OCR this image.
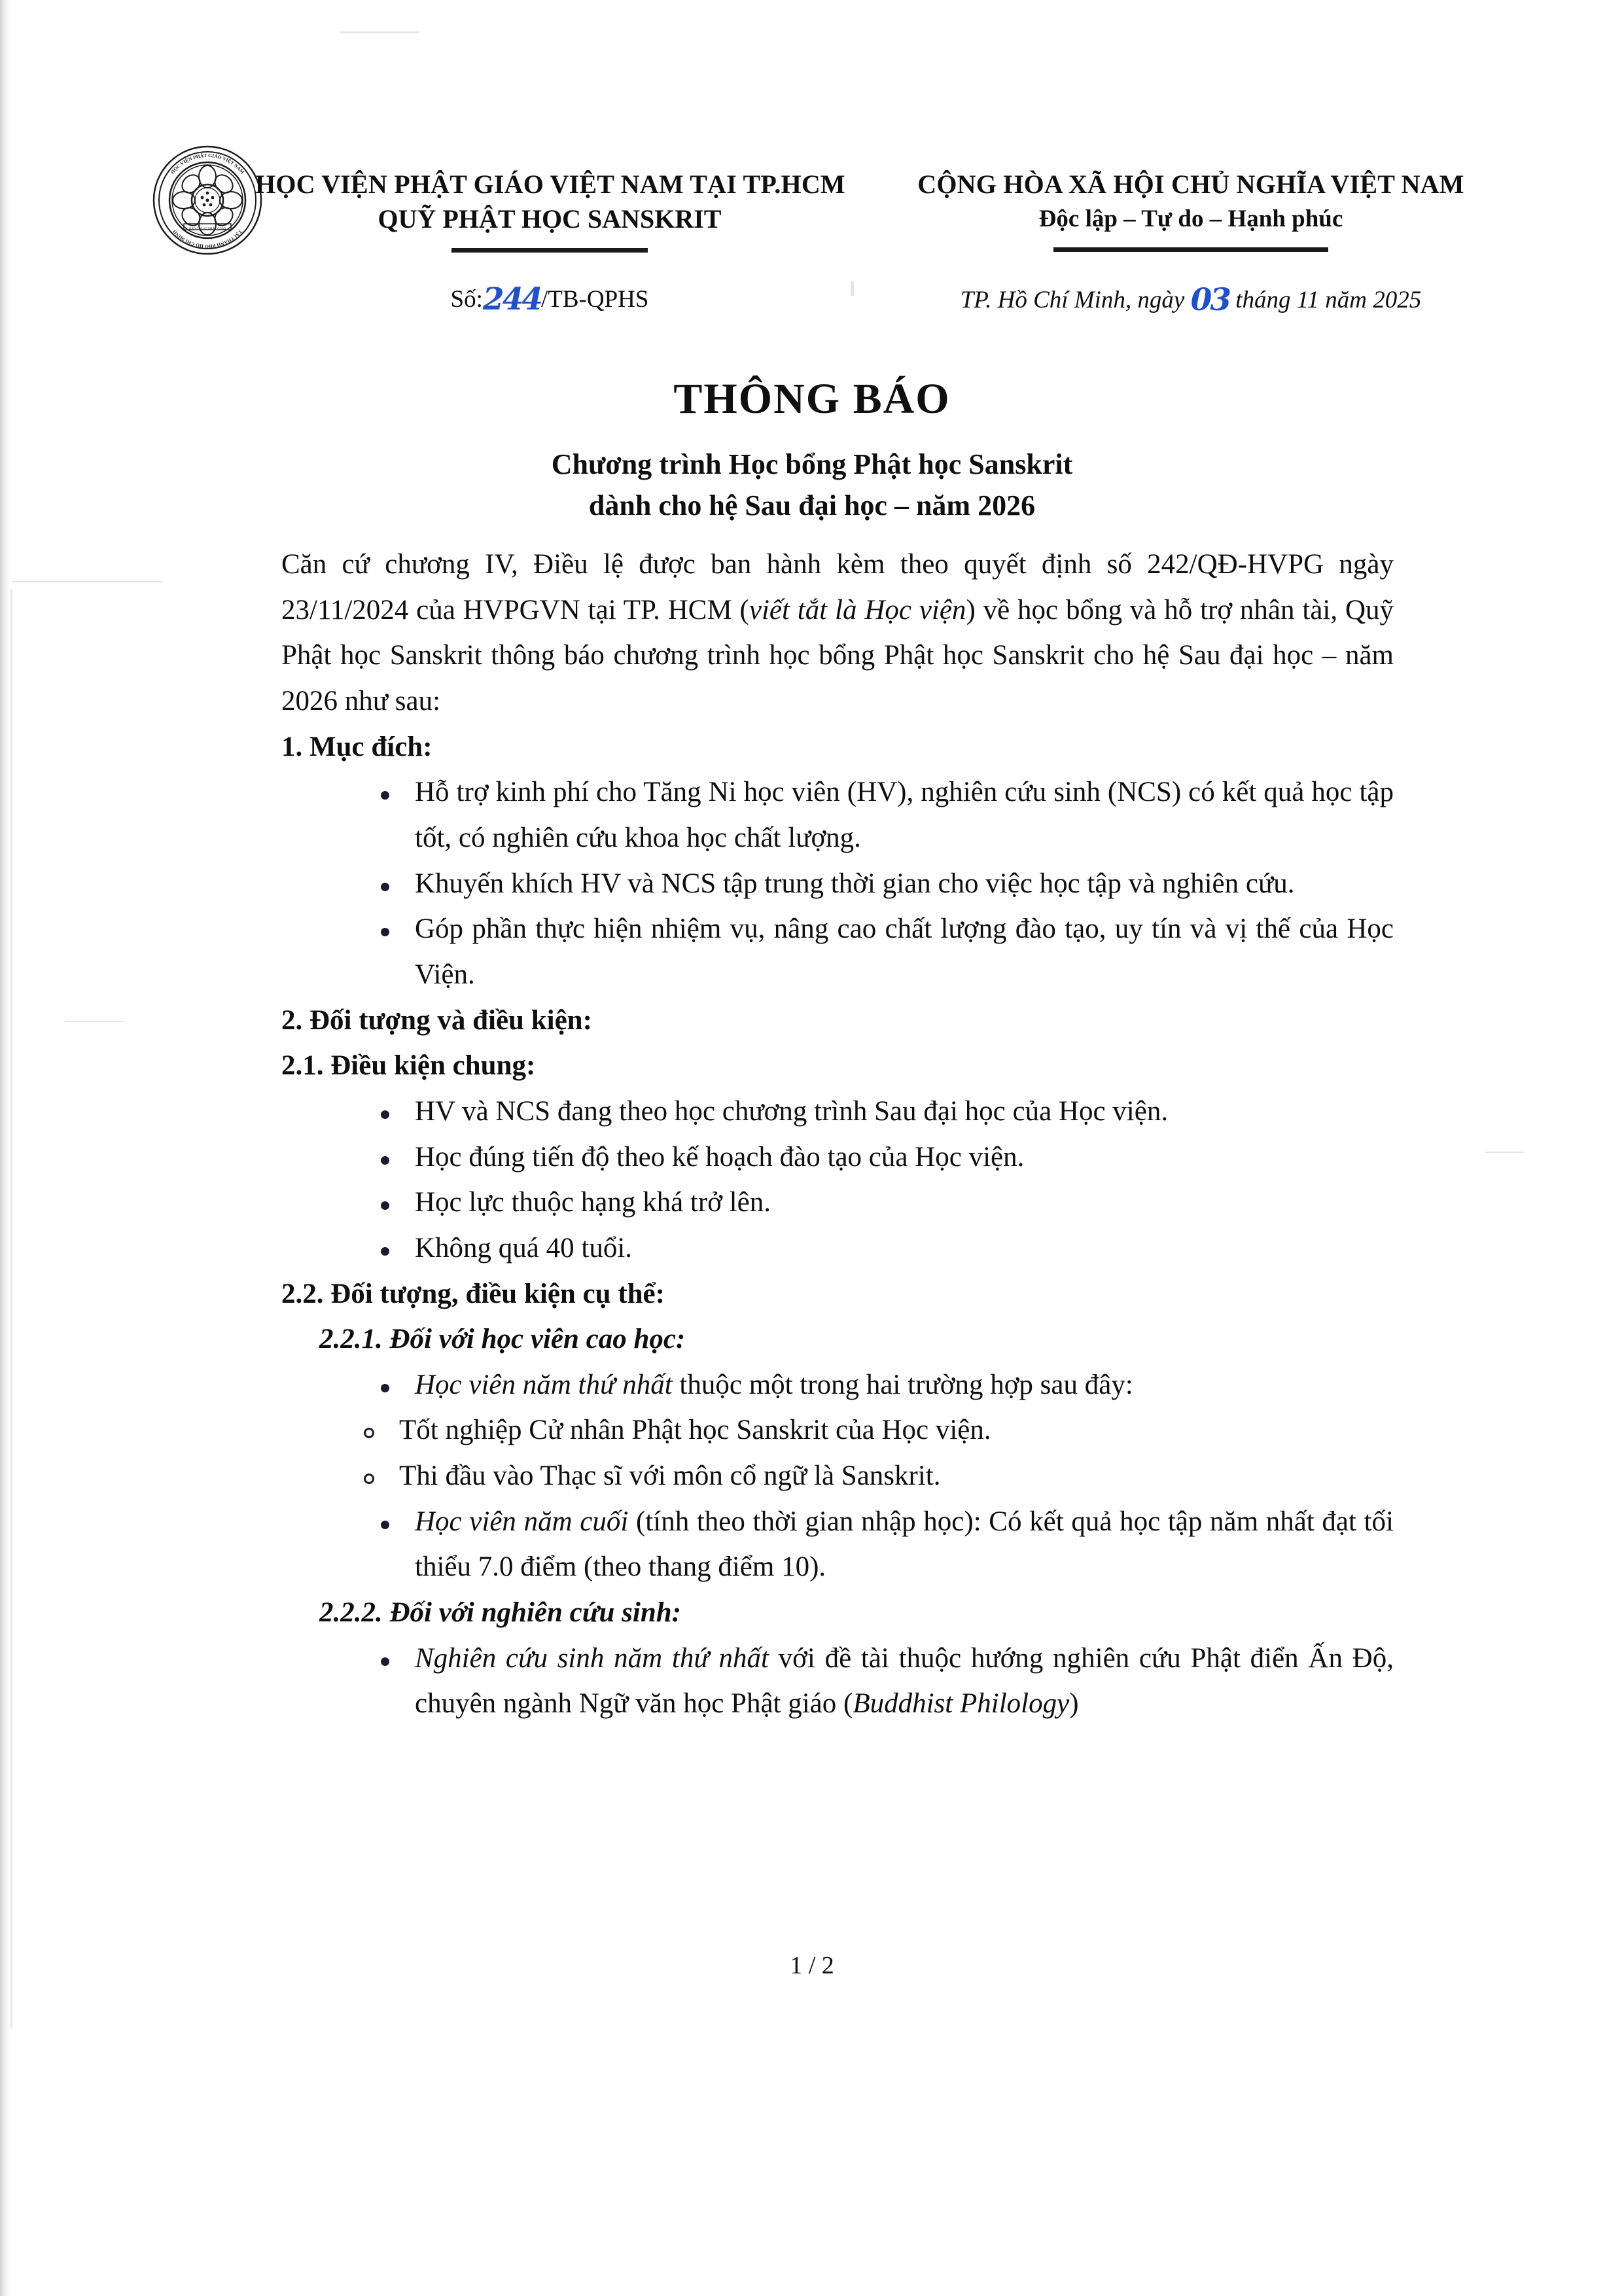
BAN TRỊ SỰ PHẬT GIÁO
HỌC VIỆN PHẬT GIÁO VIỆT NAM
TẠI THÀNH PHỐ HỒ CHÍ MINH
HỌC VIỆN PHẬT GIÁO VIỆT NAM TẠI TP.HCM
QUỸ PHẬT HỌC SANSKRIT
Số:244/TB-QPHS
CỘNG HÒA XÃ HỘI CHỦ NGHĨA VIỆT NAM
Độc lập – Tự do – Hạnh phúc
TP. Hồ Chí Minh, ngày 03 tháng 11 năm 2025
THÔNG BÁO
Chương trình Học bổng Phật học Sanskrit
dành cho hệ Sau đại học – năm 2026

Căn cứ chương IV, Điều lệ được ban hành kèm theo quyết định số 242/QĐ-HVPG ngày 23/11/2024 của HVPGVN tại TP. HCM (viết tắt là Học viện) về học bổng và hỗ trợ nhân tài, Quỹ Phật học Sanskrit thông báo chương trình học bổng Phật học Sanskrit cho hệ Sau đại học – năm 2026 như sau:

1. Mục đích:

Hỗ trợ kinh phí cho Tăng Ni học viên (HV), nghiên cứu sinh (NCS) có kết quả học tập tốt, có nghiên cứu khoa học chất lượng.
Khuyến khích HV và NCS tập trung thời gian cho việc học tập và nghiên cứu.
Góp phần thực hiện nhiệm vụ, nâng cao chất lượng đào tạo, uy tín và vị thế của Học Viện.

2. Đối tượng và điều kiện:

2.1. Điều kiện chung:

HV và NCS đang theo học chương trình Sau đại học của Học viện.
Học đúng tiến độ theo kế hoạch đào tạo của Học viện.
Học lực thuộc hạng khá trở lên.
Không quá 40 tuổi.

2.2. Đối tượng, điều kiện cụ thể:

2.2.1. Đối với học viên cao học:

Học viên năm thứ nhất thuộc một trong hai trường hợp sau đây:
Tốt nghiệp Cử nhân Phật học Sanskrit của Học viện.
Thi đầu vào Thạc sĩ với môn cổ ngữ là Sanskrit.
Học viên năm cuối (tính theo thời gian nhập học): Có kết quả học tập năm nhất đạt tối thiểu 7.0 điểm (theo thang điểm 10).

2.2.2. Đối với nghiên cứu sinh:

Nghiên cứu sinh năm thứ nhất với đề tài thuộc hướng nghiên cứu Phật điển Ấn Độ, chuyên ngành Ngữ văn học Phật giáo (Buddhist Philology)
1 / 2
